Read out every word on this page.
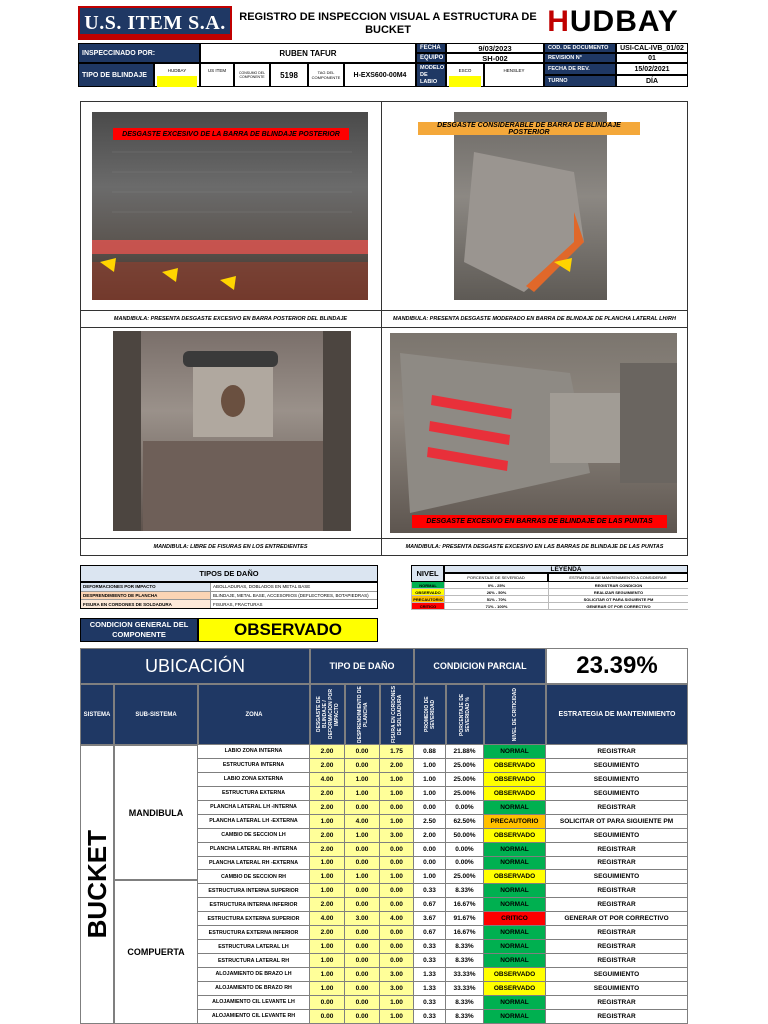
U.S. ITEM S.A.	REGISTRO DE INSPECCION VISUAL A ESTRUCTURA DE BUCKET	HUDBAY
INSPECCINADO POR:	RUBEN TAFUR
FECHA	9/03/2023	COD. DE DOCUMENTO	USI-CAL-IVB_01/02
EQUIPO	SH-002	REVISION N°	01
TIPO DE BLINDAJE
HUDBAY	US ITEM
CONSUMO DEL COMPONENTE	5198	TAG DEL COMPONENTE	H-EXS600-00M4
MODELO DE LABIO
ESCO	HENSLEY	FECHA DE REV.	15/02/2021
TURNO	DÍA
DESGASTE EXCESIVO DE LA BARRA DE BLINDAJE POSTERIOR
MANDIBULA: PRESENTA DESGASTE EXCESIVO EN BARRA POSTERIOR DEL BLINDAJE
DESGASTE CONSIDERABLE DE BARRA DE BLINDAJE POSTERIOR
MANDIBULA: PRESENTA DESGASTE MODERADO EN BARRA DE BLINDAJE DE PLANCHA LATERAL LH/RH
MANDIBULA: LIBRE DE FISURAS EN LOS ENTREDIENTES
DESGASTE EXCESIVO EN BARRAS DE BLINDAJE DE LAS PUNTAS
MANDIBULA: PRESENTA DESGASTE EXCESIVO EN LAS BARRAS DE BLINDAJE DE LAS PUNTAS
TIPOS DE DAÑO
DEFORMACIONES POR IMPACTO	ABOLLADURAS, DOBLADOS EN METAL BASE
DESPRENDIMIENTO DE PLANCHA	BLINDAJE, METAL BASE, ACCESORIOS (DEFLECTORES, BOTAPIEDRAS)
FISURA EN CORDONES DE SOLDADURA	FISURAS, FRACTURAS
NIVEL	LEYENDA
PORCENTAJE DE SEVERIDAD	ESTRATEGIA DE MANTENIMIENTO A CONSIDERAR
NORMAL	0% - 25%	REGISTRAR CONDICION
OBSERVADO	26% - 50%	REALIZAR SEGUIMIENTO
PRECAUTORIO	51% - 70%	SOLICITAR OT PARA SIGUIENTE PM
CRITICO	71% - 100%	GENERAR OT POR CORRECTIVO
CONDICION GENERAL DEL COMPONENTE	OBSERVADO
UBICACIÓN	TIPO DE DAÑO	CONDICION PARCIAL	23.39%
SISTEMA	SUB-SISTEMA	ZONA	DESGASTE DE BLINDAJE / DEFORMACION POR IMPACTO	DESPRENDIMIENTO DE PLANCHA	FISURA EN CORDONES DE SOLDADURA	PROMEDIO DE SEVERIDAD	PORCENTAJE DE SEVERIDAD %	NIVEL DE CRITICIDAD	ESTRATEGIA DE MANTENIMIENTO
BUCKET
MANDIBULA
COMPUERTA
LABIO ZONA INTERNA	2.00	0.00	1.75	0.88	21.88%	NORMAL	REGISTRAR
ESTRUCTURA INTERNA	2.00	0.00	2.00	1.00	25.00%	OBSERVADO	SEGUIMIENTO
LABIO ZONA EXTERNA	4.00	1.00	1.00	1.00	25.00%	OBSERVADO	SEGUIMIENTO
ESTRUCTURA EXTERNA	2.00	1.00	1.00	1.00	25.00%	OBSERVADO	SEGUIMIENTO
PLANCHA LATERAL LH -INTERNA	2.00	0.00	0.00	0.00	0.00%	NORMAL	REGISTRAR
PLANCHA LATERAL LH -EXTERNA	1.00	4.00	1.00	2.50	62.50%	PRECAUTORIO	SOLICITAR OT PARA SIGUIENTE PM
CAMBIO DE SECCION LH	2.00	1.00	3.00	2.00	50.00%	OBSERVADO	SEGUIMIENTO
PLANCHA LATERAL RH -INTERNA	2.00	0.00	0.00	0.00	0.00%	NORMAL	REGISTRAR
PLANCHA LATERAL RH -EXTERNA	1.00	0.00	0.00	0.00	0.00%	NORMAL	REGISTRAR
CAMBIO DE SECCION RH	1.00	1.00	1.00	1.00	25.00%	OBSERVADO	SEGUIMIENTO
ESTRUCTURA INTERNA SUPERIOR	1.00	0.00	0.00	0.33	8.33%	NORMAL	REGISTRAR
ESTRUCTURA INTERNA INFERIOR	2.00	0.00	0.00	0.67	16.67%	NORMAL	REGISTRAR
ESTRUCTURA EXTERNA SUPERIOR	4.00	3.00	4.00	3.67	91.67%	CRITICO	GENERAR OT POR CORRECTIVO
ESTRUCTURA EXTERNA INFERIOR	2.00	0.00	0.00	0.67	16.67%	NORMAL	REGISTRAR
ESTRUCTURA LATERAL LH	1.00	0.00	0.00	0.33	8.33%	NORMAL	REGISTRAR
ESTRUCTURA LATERAL RH	1.00	0.00	0.00	0.33	8.33%	NORMAL	REGISTRAR
ALOJAMIENTO DE BRAZO LH	1.00	0.00	3.00	1.33	33.33%	OBSERVADO	SEGUIMIENTO
ALOJAMIENTO DE BRAZO RH	1.00	0.00	3.00	1.33	33.33%	OBSERVADO	SEGUIMIENTO
ALOJAMIENTO CIL LEVANTE LH	0.00	0.00	1.00	0.33	8.33%	NORMAL	REGISTRAR
ALOJAMIENTO CIL LEVANTE RH	0.00	0.00	1.00	0.33	8.33%	NORMAL	REGISTRAR
